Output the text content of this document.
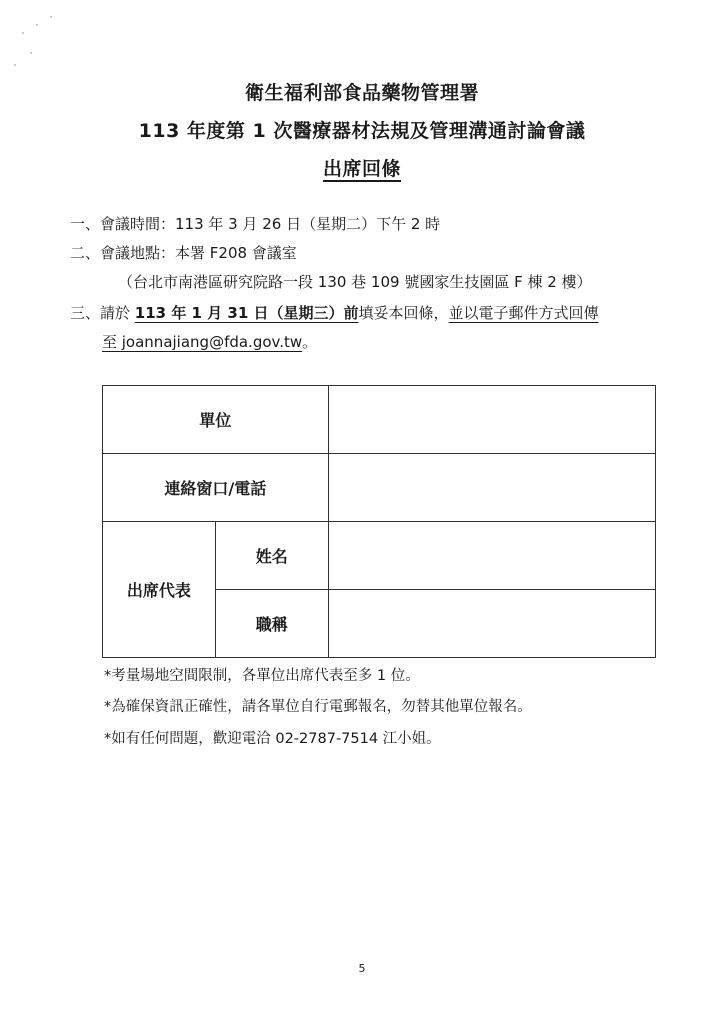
衛生福利部食品藥物管理署
113 年度第 1 次醫療器材法規及管理溝通討論會議
出席回條
一、會議時間：113 年 3 月 26 日（星期二）下午 2 時
二、會議地點：本署 F208 會議室
（台北市南港區研究院路一段 130 巷 109 號國家生技園區 F 棟 2 樓）
三、請於 113 年 1 月 31 日（星期三）前填妥本回條，並以電子郵件方式回傳
至 joannajiang@fda.gov.tw。
單位		
連絡窗口/電話		
出席代表	姓名	
	職稱	
*考量場地空間限制，各單位出席代表至多 1 位。
*為確保資訊正確性，請各單位自行電郵報名，勿替其他單位報名。
*如有任何問題，歡迎電洽 02-2787-7514 江小姐。
5
